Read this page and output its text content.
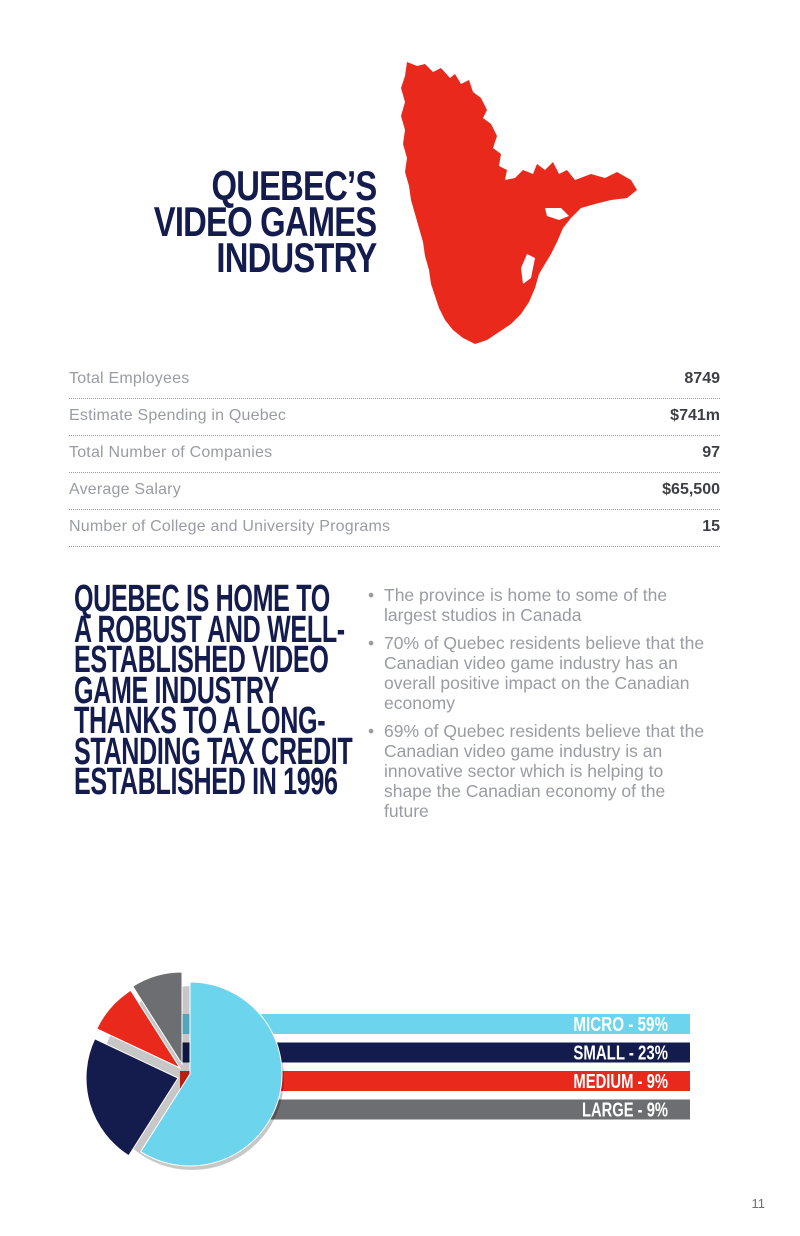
QUEBEC’S
VIDEO GAMES
INDUSTRY
Total Employees	8749
Estimate Spending in Quebec	$741m
Total Number of Companies	97
Average Salary	$65,500
Number of College and University Programs	15
QUEBEC IS HOME TO
A ROBUST AND WELL-
ESTABLISHED VIDEO
GAME INDUSTRY
THANKS TO A LONG-
STANDING TAX CREDIT
ESTABLISHED IN 1996
• The province is home to some of the largest studios in Canada
• 70% of Quebec residents believe that the Canadian video game industry has an overall positive impact on the Canadian economy
• 69% of Quebec residents believe that the Canadian video game industry is an innovative sector which is helping to shape the Canadian economy of the future
MICRO - 59%
SMALL - 23%
MEDIUM - 9%
LARGE - 9%
11
